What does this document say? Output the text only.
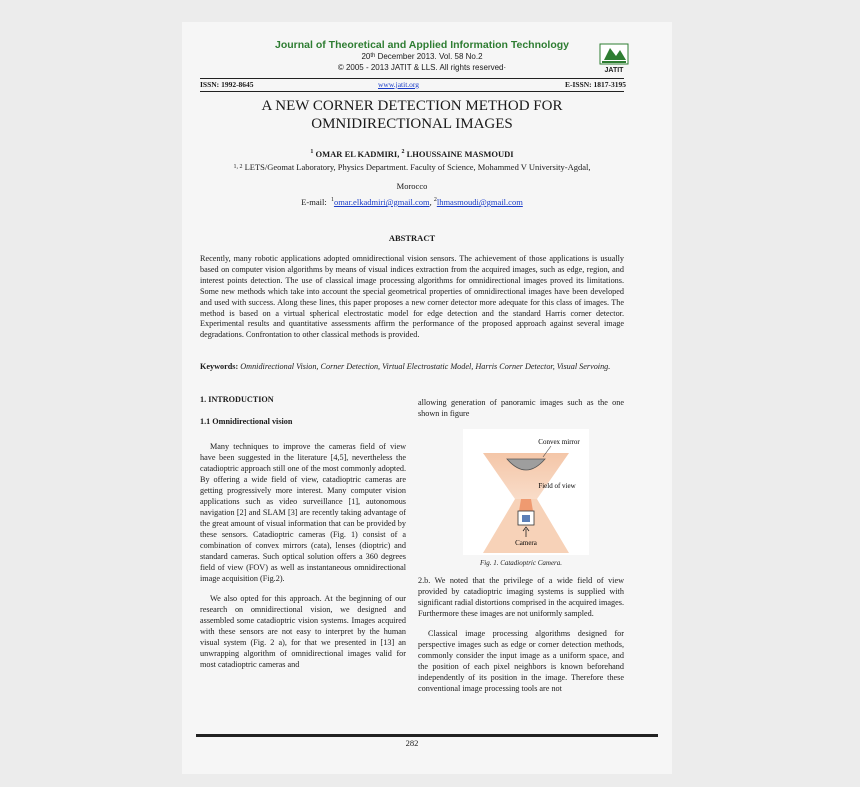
Journal of Theoretical and Applied Information Technology
20th December 2013. Vol. 58 No.2
© 2005 - 2013 JATIT & LLS. All rights reserved·	JATIT
ISSN: 1992-8645	www.jatit.org	E-ISSN: 1817-3195
A NEW CORNER DETECTION METHOD FOR
OMNIDIRECTIONAL IMAGES
$^1$ OMAR EL KADMIRI, $^2$ LHOUSSAINE MASMOUDI
$^{1, 2}$ LETS/Geomat Laboratory, Physics Department. Faculty of Science, Mohammed V University-Agdal,
Morocco
E-mail: $^1$omar.elkadmiri@gmail.com, $^2$lhmasmoudi@gmail.com
ABSTRACT

Recently, many robotic applications adopted omnidirectional vision sensors. The achievement of those applications is usually based on computer vision algorithms by means of visual indices extraction from the acquired images, such as edge, region, and interest points detection. The use of classical image processing algorithms for omnidirectional images proved its limitations. Some new methods which take into account the special geometrical properties of omnidirectional images have been developed and used with success. Along these lines, this paper proposes a new corner detector more adequate for this class of images. The method is based on a virtual spherical electrostatic model for edge detection and the standard Harris corner detector. Experimental results and quantitative assessments affirm the performance of the proposed approach against several image degradations. Confrontation to other classical methods is provided.

Keywords: Omnidirectional Vision, Corner Detection, Virtual Electrostatic Model, Harris Corner Detector, Visual Servoing.
1. INTRODUCTION
1.1 Omnidirectional vision

Many techniques to improve the cameras field of view have been suggested in the literature [4,5], nevertheless the catadioptric approach still one of the most commonly adopted. By offering a wide field of view, catadioptric cameras are getting progressively more interest. Many computer vision applications such as video surveillance [1], autonomous navigation [2] and SLAM [3] are recently taking advantage of the great amount of visual information that can be provided by these sensors. Catadioptric cameras (Fig. 1) consist of a combination of convex mirrors (cata), lenses (dioptric) and standard cameras. Such optical solution offers a 360 degrees field of view (FOV) as well as instantaneous omnidirectional image acquisition (Fig.2).

We also opted for this approach. At the beginning of our research on omnidirectional vision, we designed and assembled some catadioptric vision systems. Images acquired with these sensors are not easy to interpret by the human visual system (Fig. 2 a), for that we presented in [13] an unwrapping algorithm of omnidirectional images valid for most catadioptric cameras and

allowing generation of panoramic images such as the one shown in figure

Convex mirror
Field of view
Camera
Fig. 1. Catadioptric Camera.

2.b. We noted that the privilege of a wide field of view provided by catadioptric imaging systems is supplied with significant radial distortions comprised in the acquired images. Furthermore these images are not uniformly sampled.

Classical image processing algorithms designed for perspective images such as edge or corner detection methods, commonly consider the input image as a uniform space, and the position of each pixel neighbors is known beforehand independently of its position in the image. Therefore these conventional image processing tools are not

282
